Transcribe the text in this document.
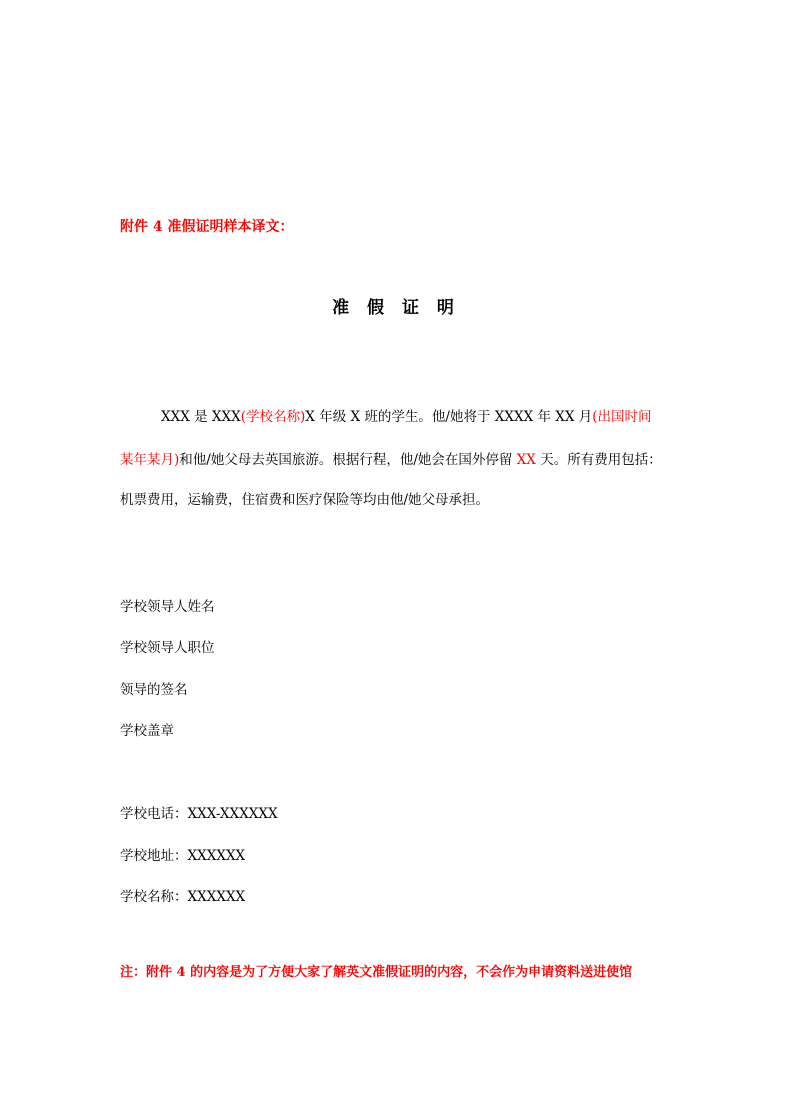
附件 4 准假证明样本译文：
准 假 证 明
XXX 是 XXX(学校名称)X 年级 X 班的学生。他/她将于 XXXX 年 XX 月(出国时间
某年某月)和他/她父母去英国旅游。根据行程，他/她会在国外停留 XX 天。所有费用包括：
机票费用，运输费，住宿费和医疗保险等均由他/她父母承担。
学校领导人姓名
学校领导人职位
领导的签名
学校盖章
学校电话：XXX-XXXXXX
学校地址：XXXXXX
学校名称：XXXXXX
注：附件 4 的内容是为了方便大家了解英文准假证明的内容，不会作为申请资料送进使馆
